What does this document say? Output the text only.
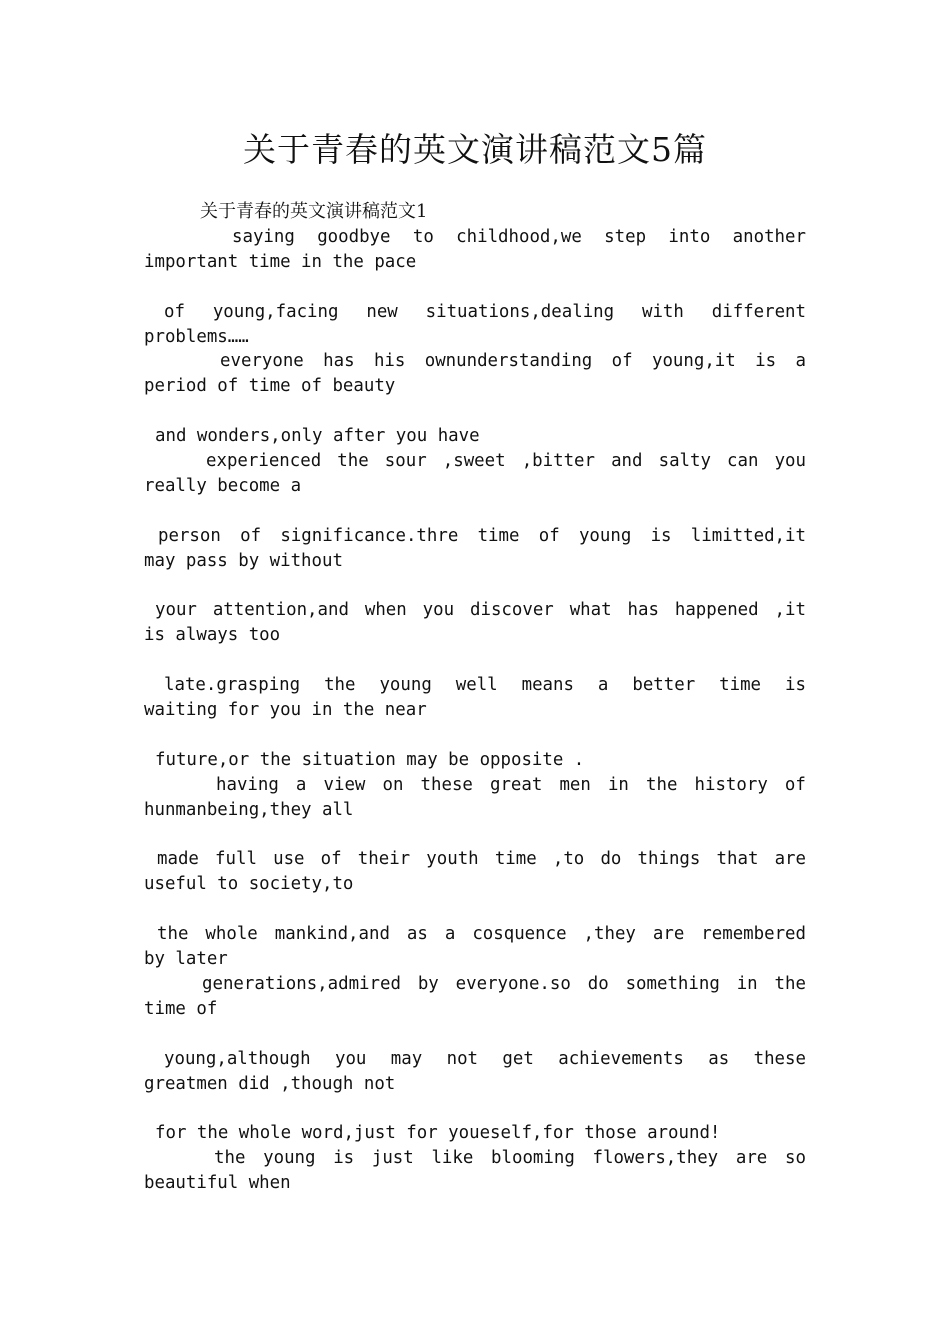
关于青春的英文演讲稿范文5篇
关于青春的英文演讲稿范文1
saying goodbye to childhood,we step into another
important time in the pace
of young,facing new situations,dealing with different
problems……
everyone has his ownunderstanding of young,it is a
period of time of beauty
and wonders,only after you have
experienced the sour ,sweet ,bitter and salty can you
really become a
person of significance.thre time of young is limitted,it
may pass by without
your attention,and when you discover what has happened ,it
is always too
late.grasping the young well means a better time is
waiting for you in the near
future,or the situation may be opposite .
having a view on these great men in the history of
hunmanbeing,they all
made full use of their youth time ,to do things that are
useful to society,to
the whole mankind,and as a cosquence ,they are remembered
by later
generations,admired by everyone.so do something in the
time of
young,although you may not get achievements as these
greatmen did ,though not
for the whole word,just for youeself,for those around!
the young is just like blooming flowers,they are so
beautiful when
